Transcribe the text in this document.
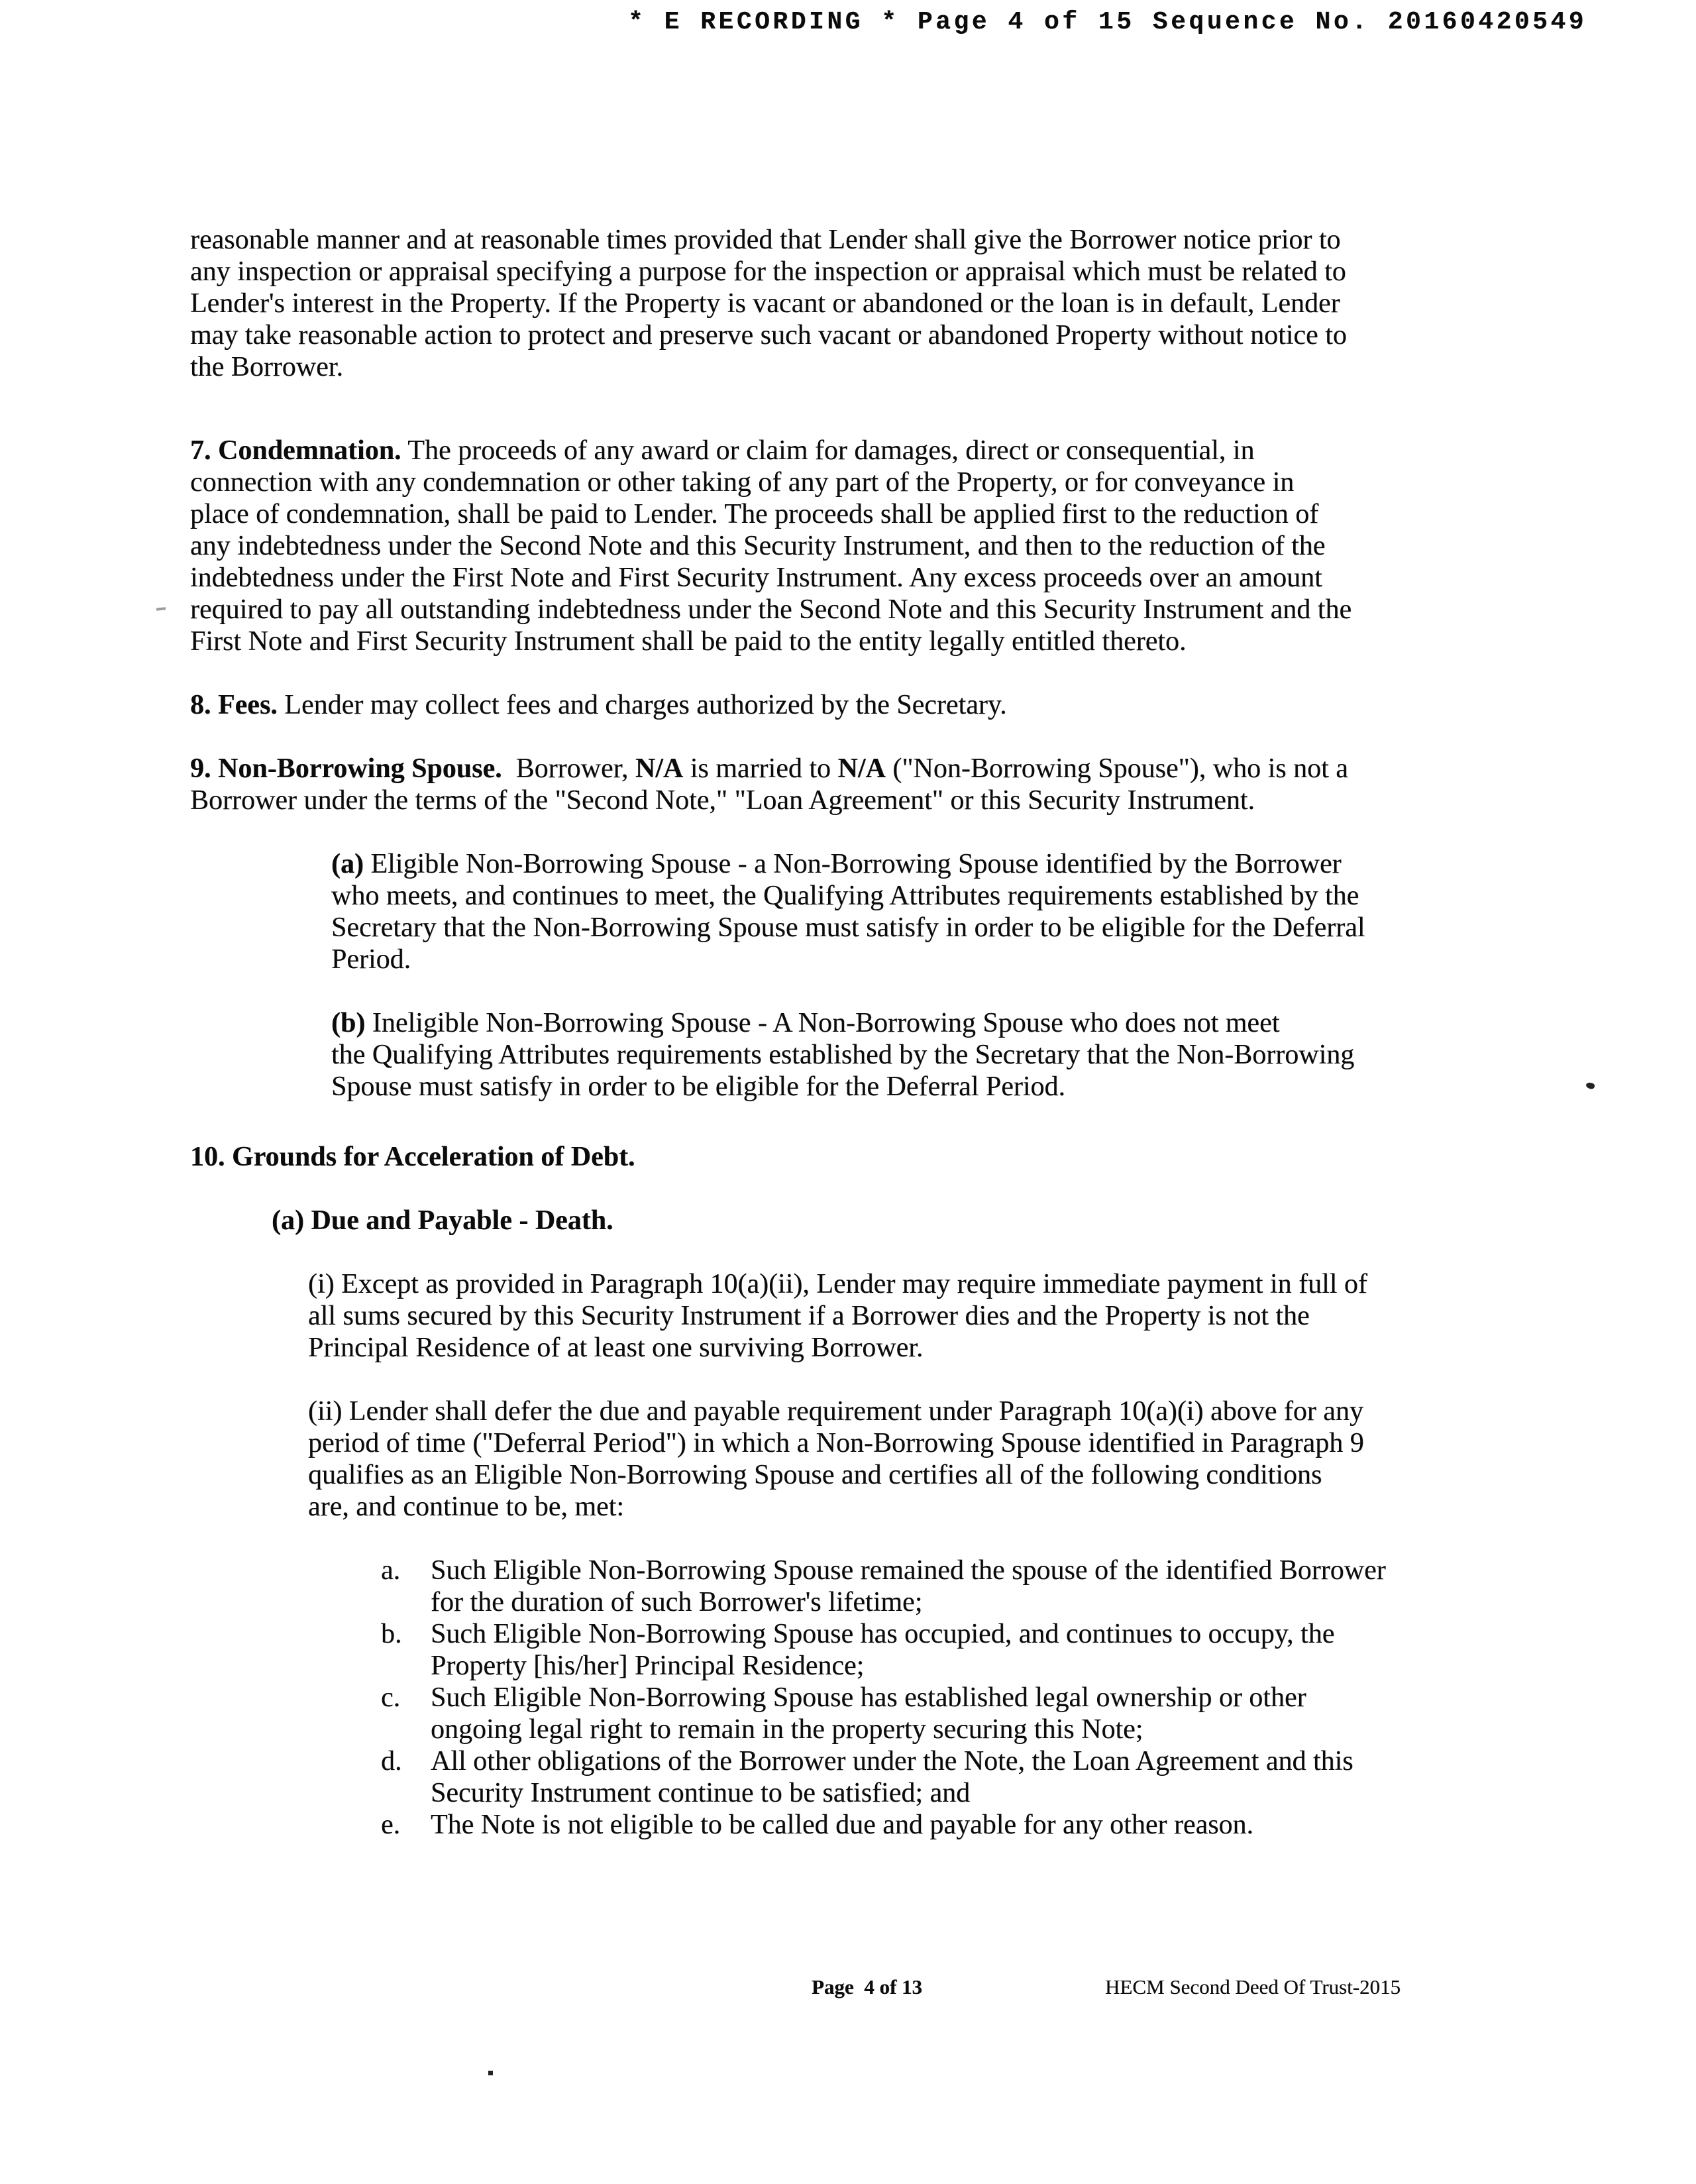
* E RECORDING * Page 4 of 15 Sequence No. 20160420549
reasonable manner and at reasonable times provided that Lender shall give the Borrower notice prior to
any inspection or appraisal specifying a purpose for the inspection or appraisal which must be related to
Lender's interest in the Property. If the Property is vacant or abandoned or the loan is in default, Lender
may take reasonable action to protect and preserve such vacant or abandoned Property without notice to
the Borrower.
7. Condemnation. The proceeds of any award or claim for damages, direct or consequential, in
connection with any condemnation or other taking of any part of the Property, or for conveyance in
place of condemnation, shall be paid to Lender. The proceeds shall be applied first to the reduction of
any indebtedness under the Second Note and this Security Instrument, and then to the reduction of the
indebtedness under the First Note and First Security Instrument. Any excess proceeds over an amount
required to pay all outstanding indebtedness under the Second Note and this Security Instrument and the
First Note and First Security Instrument shall be paid to the entity legally entitled thereto.
8. Fees. Lender may collect fees and charges authorized by the Secretary.
9. Non-Borrowing Spouse.  Borrower, N/A is married to N/A ("Non-Borrowing Spouse"), who is not a
Borrower under the terms of the "Second Note," "Loan Agreement" or this Security Instrument.
(a) Eligible Non-Borrowing Spouse - a Non-Borrowing Spouse identified by the Borrower
who meets, and continues to meet, the Qualifying Attributes requirements established by the
Secretary that the Non-Borrowing Spouse must satisfy in order to be eligible for the Deferral
Period.
(b) Ineligible Non-Borrowing Spouse - A Non-Borrowing Spouse who does not meet
the Qualifying Attributes requirements established by the Secretary that the Non-Borrowing
Spouse must satisfy in order to be eligible for the Deferral Period.
10. Grounds for Acceleration of Debt.
(a) Due and Payable - Death.
(i) Except as provided in Paragraph 10(a)(ii), Lender may require immediate payment in full of
all sums secured by this Security Instrument if a Borrower dies and the Property is not the
Principal Residence of at least one surviving Borrower.
(ii) Lender shall defer the due and payable requirement under Paragraph 10(a)(i) above for any
period of time ("Deferral Period") in which a Non-Borrowing Spouse identified in Paragraph 9
qualifies as an Eligible Non-Borrowing Spouse and certifies all of the following conditions
are, and continue to be, met:
a. Such Eligible Non-Borrowing Spouse remained the spouse of the identified Borrower
for the duration of such Borrower's lifetime;
b. Such Eligible Non-Borrowing Spouse has occupied, and continues to occupy, the
Property [his/her] Principal Residence;
c. Such Eligible Non-Borrowing Spouse has established legal ownership or other
ongoing legal right to remain in the property securing this Note;
d. All other obligations of the Borrower under the Note, the Loan Agreement and this
Security Instrument continue to be satisfied; and
e. The Note is not eligible to be called due and payable for any other reason.
Page  4 of 13	HECM Second Deed Of Trust-2015
